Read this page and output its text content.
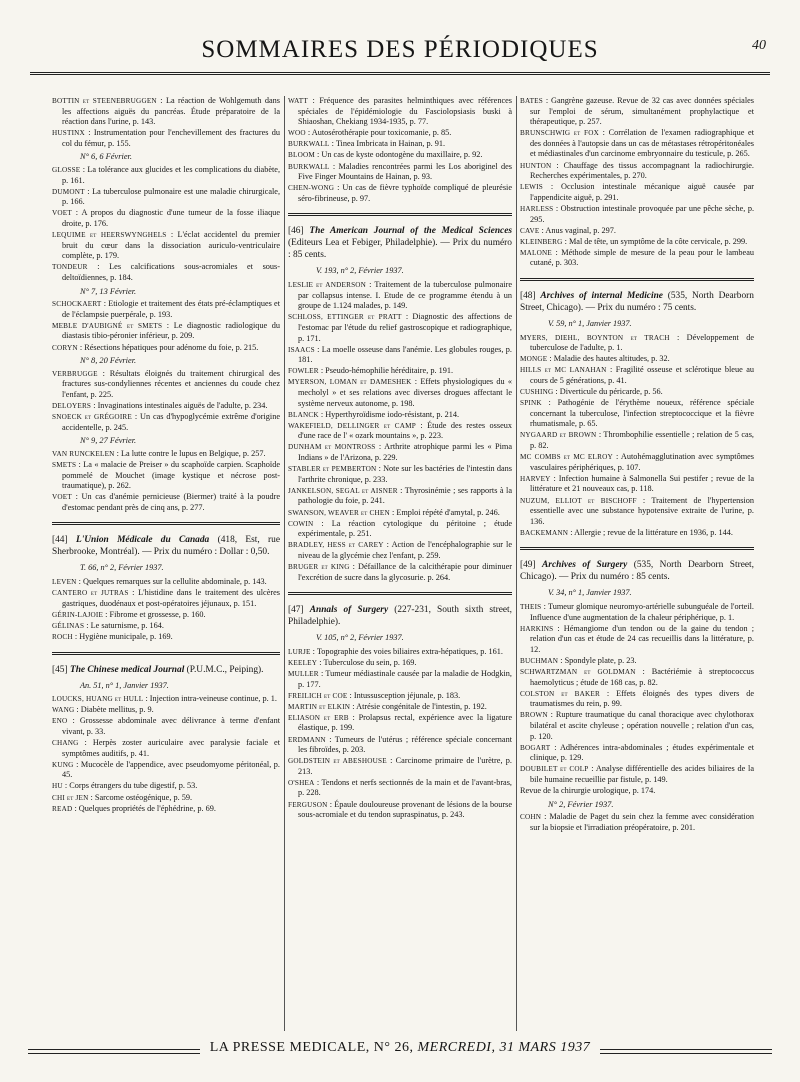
SOMMAIRES DES PÉRIODIQUES	40
BOTTIN et STEENEBRUGGEN : La réaction de Wohlgemuth dans les affections aiguës du pancréas. Étude préparatoire de la réaction dans l'urine, p. 143.
HUSTINX : Instrumentation pour l'enchevillement des fractures du col du fémur, p. 155.
N° 6, 6 Février.
GLOSSE : La tolérance aux glucides et les complications du diabète, p. 161.
DUMONT : La tuberculose pulmonaire est une maladie chirurgicale, p. 166.
VOET : A propos du diagnostic d'une tumeur de la fosse iliaque droite, p. 176.
LEQUIME et HEERSWYNGHELS : L'éclat accidentel du premier bruit du cœur dans la dissociation auriculo-ventriculaire complète, p. 179.
TONDEUR : Les calcifications sous-acromiales et sous-deltoïdiennes, p. 184.
N° 7, 13 Février.
SCHOCKAERT : Etiologie et traitement des états pré-éclamptiques et de l'éclampsie puerpérale, p. 193.
MEBLE D'AUBIGNÉ et SMETS : Le diagnostic radiologique du diastasis tibio-péronier inférieur, p. 209.
CORYN : Résections hépatiques pour adénome du foie, p. 215.
N° 8, 20 Février.
VERBRUGGE : Résultats éloignés du traitement chirurgical des fractures sus-condyliennes récentes et anciennes du coude chez l'enfant, p. 225.
DELOYERS : Invaginations intestinales aiguës de l'adulte, p. 234.
SNOECK et GRÉGOIRE : Un cas d'hypoglycémie extrême d'origine accidentelle, p. 245.
N° 9, 27 Février.
VAN RUNCKELEN : La lutte contre le lupus en Belgique, p. 257.
SMETS : La « malacie de Preiser » du scaphoïde carpien. Scaphoïde pommelé de Mouchet (image kystique et nécrose post-traumatique), p. 262.
VOET : Un cas d'anémie pernicieuse (Biermer) traité à la poudre d'estomac pendant près de cinq ans, p. 277.
[44] L'Union Médicale du Canada (418, Est, rue Sherbrooke, Montréal). — Prix du numéro : Dollar : 0,50.
T. 66, n° 2, Février 1937.
LEVEN : Quelques remarques sur la cellulite abdominale, p. 143.
CANTERO et JUTRAS : L'histidine dans le traitement des ulcères gastriques, duodénaux et post-opératoires jéjunaux, p. 151.
GÉRIN-LAJOIE : Fibrome et grossesse, p. 160.
GÉLINAS : Le saturnisme, p. 164.
ROCH : Hygiène municipale, p. 169.
[45] The Chinese medical Journal (P.U.M.C., Peiping).
An. 51, n° 1, Janvier 1937.
LOUCKS, HUANG et HULL : Injection intra-veineuse continue, p. 1.
WANG : Diabète mellitus, p. 9.
ENO : Grossesse abdominale avec délivrance à terme d'enfant vivant, p. 33.
CHANG : Herpès zoster auriculaire avec paralysie faciale et symptômes auditifs, p. 41.
KUNG : Mucocèle de l'appendice, avec pseudomyome péritonéal, p. 45.
HU : Corps étrangers du tube digestif, p. 53.
CHI et JEN : Sarcome ostéogénique, p. 59.
READ : Quelques propriétés de l'éphédrine, p. 69.
WATT : Fréquence des parasites helminthiques avec références spéciales de l'épidémiologie du Fasciolopsiasis buski à Shiaoshan, Chekiang 1934-1935, p. 77.
WOO : Autosérothérapie pour toxicomanie, p. 85.
BURKWALL : Tinea Imbricata in Hainan, p. 91.
BLOOM : Un cas de kyste odontogène du maxillaire, p. 92.
BURKWALL : Maladies rencontrées parmi les Los aboriginel des Five Finger Mountains de Hainan, p. 93.
CHEN-WONG : Un cas de fièvre typhoïde compliqué de pleurésie séro-fibrineuse, p. 97.
[46] The American Journal of the Medical Sciences (Editeurs Lea et Febiger, Philadelphie). — Prix du numéro : 85 cents.
V. 193, n° 2, Février 1937.
LESLIE et ANDERSON : Traitement de la tuberculose pulmonaire par collapsus intense. I. Etude de ce programme étendu à un groupe de 1.124 malades, p. 149.
SCHLOSS, ETTINGER et PRATT : Diagnostic des affections de l'estomac par l'étude du relief gastroscopique et radiographique, p. 171.
ISAACS : La moelle osseuse dans l'anémie. Les globules rouges, p. 181.
FOWLER : Pseudo-hémophilie héréditaire, p. 191.
MYERSON, LOMAN et DAMESHEK : Effets physiologiques du « mecholyl » et ses relations avec diverses drogues affectant le système nerveux autonome, p. 198.
BLANCK : Hyperthyroïdisme iodo-résistant, p. 214.
WAKEFIELD, DELLINGER et CAMP : Étude des restes osseux d'une race de l' « ozark mountains », p. 223.
DUNHAM et MONTROSS : Arthrite atrophique parmi les « Pima Indians » de l'Arizona, p. 229.
STABLER et PEMBERTON : Note sur les bactéries de l'intestin dans l'arthrite chronique, p. 233.
JANKELSON, SEGAL et AISNER : Thyrosinémie ; ses rapports à la pathologie du foie, p. 241.
SWANSON, WEAVER et CHEN : Emploi répété d'amytal, p. 246.
COWIN : La réaction cytologique du péritoine ; étude expérimentale, p. 251.
BRADLEY, HESS et CAREY : Action de l'encéphalographie sur le niveau de la glycémie chez l'enfant, p. 259.
BRUGER et KING : Défaillance de la calcithérapie pour diminuer l'excrétion de sucre dans la glycosurie. p. 264.
[47] Annals of Surgery (227-231, South sixth street, Philadelphie).
V. 105, n° 2, Février 1937.
LURJE : Topographie des voies biliaires extra-hépatiques, p. 161.
KEELEY : Tuberculose du sein, p. 169.
MULLER : Tumeur médiastinale causée par la maladie de Hodgkin, p. 177.
FREILICH et COE : Intussusception jéjunale, p. 183.
MARTIN et ELKIN : Atrésie congénitale de l'intestin, p. 192.
ELIASON et ERB : Prolapsus rectal, expérience avec la ligature élastique, p. 199.
ERDMANN : Tumeurs de l'utérus ; référence spéciale concernant les fibroïdes, p. 203.
GOLDSTEIN et ABESHOUSE : Carcinome primaire de l'urètre, p. 213.
O'SHEA : Tendons et nerfs sectionnés de la main et de l'avant-bras, p. 228.
FERGUSON : Épaule douloureuse provenant de lésions de la bourse sous-acromiale et du tendon supraspinatus, p. 243.
BATES : Gangrène gazeuse. Revue de 32 cas avec données spéciales sur l'emploi de sérum, simultanément prophylactique et thérapeutique, p. 257.
BRUNSCHWIG et FOX : Corrélation de l'examen radiographique et des données à l'autopsie dans un cas de métastases rétropéritonéales et médiastinales d'un carcinome embryonnaire du testicule, p. 265.
HUNTON : Chauffage des tissus accompagnant la radiochirurgie. Recherches expérimentales, p. 270.
LEWIS : Occlusion intestinale mécanique aiguë causée par l'appendicite aiguë, p. 291.
HARLESS : Obstruction intestinale provoquée par une pêche sèche, p. 295.
CAVE : Anus vaginal, p. 297.
KLEINBERG : Mal de tête, un symptôme de la côte cervicale, p. 299.
MALONE : Méthode simple de mesure de la peau pour le lambeau cutané, p. 303.
[48] Archives of internal Medicine (535, North Dearborn Street, Chicago). — Prix du numéro : 75 cents.
V. 59, n° 1, Janvier 1937.
MYERS, DIEHL, BOYNTON et TRACH : Développement de tuberculose de l'adulte, p. 1.
MONGE : Maladie des hautes altitudes, p. 32.
HILLS et MC LANAHAN : Fragilité osseuse et sclérotique bleue au cours de 5 générations, p. 41.
CUSHING : Diverticule du péricarde, p. 56.
SPINK : Pathogénie de l'érythème noueux, référence spéciale concernant la tuberculose, l'infection streptococcique et la fièvre rhumatismale, p. 65.
NYGAARD et BROWN : Thrombophilie essentielle ; relation de 5 cas, p. 82.
MC COMBS et MC ELROY : Autohémagglutination avec symptômes vasculaires périphériques, p. 107.
HARVEY : Infection humaine à Salmonella Sui pestifer ; revue de la littérature et 21 nouveaux cas, p. 118.
NUZUM, ELLIOT et BISCHOFF : Traitement de l'hypertension essentielle avec une substance hypotensive extraite de l'urine, p. 136.
BACKEMANN : Allergie ; revue de la littérature en 1936, p. 144.
[49] Archives of Surgery (535, North Dearborn Street, Chicago). — Prix du numéro : 85 cents.
V. 34, n° 1, Janvier 1937.
THEIS : Tumeur glomique neuromyo-artérielle subunguéale de l'orteil. Influence d'une augmentation de la chaleur périphérique, p. 1.
HARKINS : Hémangiome d'un tendon ou de la gaine du tendon ; relation d'un cas et étude de 24 cas recueillis dans la littérature, p. 12.
BUCHMAN : Spondyle plate, p. 23.
SCHWARTZMAN et GOLDMAN : Bactériémie à streptococcus haemolyticus ; étude de 168 cas, p. 82.
COLSTON et BAKER : Effets éloignés des types divers de traumatismes du rein, p. 99.
BROWN : Rupture traumatique du canal thoracique avec chylothorax bilatéral et ascite chyleuse ; opération nouvelle ; relation d'un cas, p. 120.
BOGART : Adhérences intra-abdominales ; études expérimentale et clinique, p. 129.
DOUBILET et COLP : Analyse différentielle des acides biliaires de la bile humaine recueillie par fistule, p. 149.
Revue de la chirurgie urologique, p. 174.
N° 2, Février 1937.
COHN : Maladie de Paget du sein chez la femme avec considération sur la biopsie et l'irradiation préopératoire, p. 201.
LA PRESSE MEDICALE, N° 26, MERCREDI, 31 MARS 1937
